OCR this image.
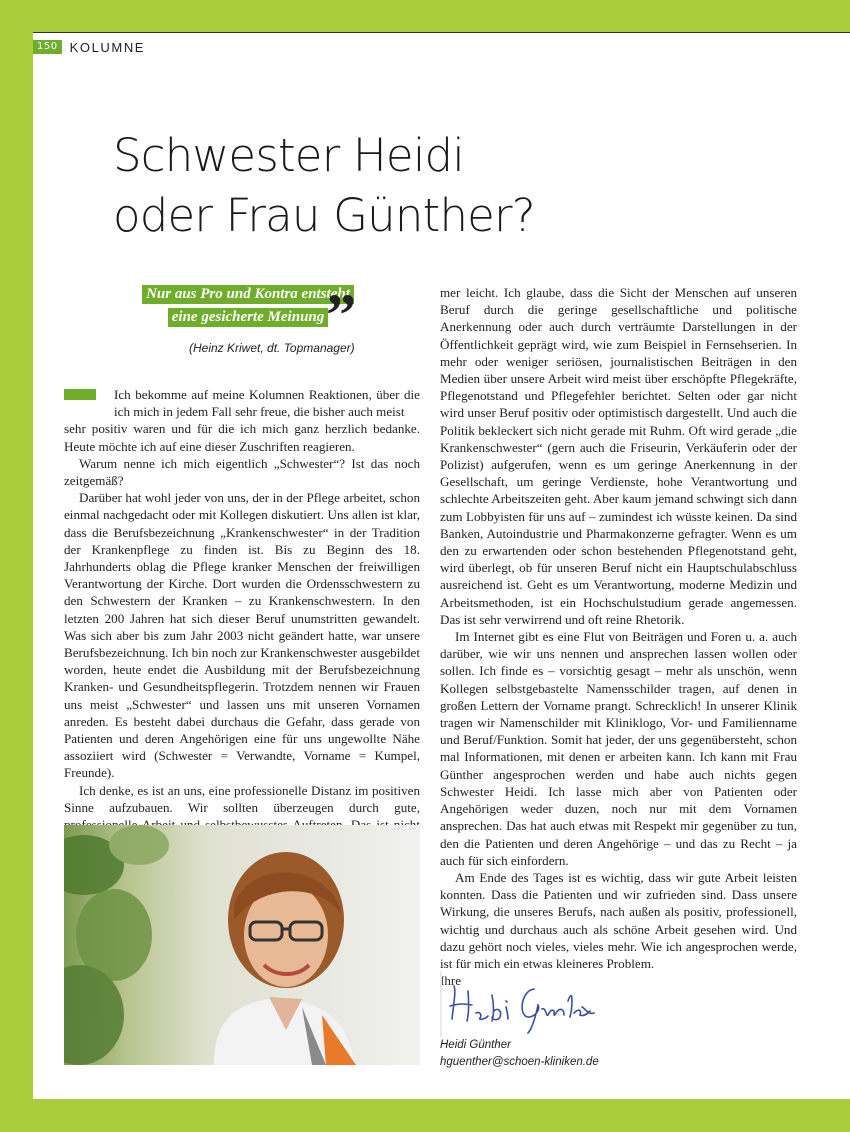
150 KOLUMNE
Schwester Heidi
oder Frau Günther?
Nur aus Pro und Kontra entsteht
eine gesicherte Meinung ”
(Heinz Kriwet, dt. Topmanager)

Ich bekomme auf meine Kolumnen Reaktionen, über die ich mich in jedem Fall sehr freue, die bisher auch meist
sehr positiv waren und für die ich mich ganz herzlich bedanke. Heute möchte ich auf eine dieser Zuschriften reagieren.

Warum nenne ich mich eigentlich „Schwester“? Ist das noch zeitgemäß?

Darüber hat wohl jeder von uns, der in der Pflege arbeitet, schon einmal nachgedacht oder mit Kollegen diskutiert. Uns allen ist klar, dass die Berufsbezeichnung „Krankenschwester“ in der Tradition der Krankenpflege zu finden ist. Bis zu Beginn des 18. Jahrhunderts oblag die Pflege kranker Menschen der freiwilligen Verantwortung der Kirche. Dort wurden die Ordensschwestern zu den Schwestern der Kranken – zu Krankenschwestern. In den letzten 200 Jahren hat sich dieser Beruf unumstritten gewandelt. Was sich aber bis zum Jahr 2003 nicht geändert hatte, war unsere Berufsbezeichnung. Ich bin noch zur Krankenschwester ausgebildet worden, heute endet die Ausbildung mit der Berufsbezeichnung Kranken- und Gesundheitspflegerin. Trotzdem nennen wir Frauen uns meist „Schwester“ und lassen uns mit unseren Vornamen anreden. Es besteht dabei durchaus die Gefahr, dass gerade von Patienten und deren Angehörigen eine für uns ungewollte Nähe assoziiert wird (Schwester = Verwandte, Vorname = Kumpel, Freunde).

Ich denke, es ist an uns, eine professionelle Distanz im positiven Sinne aufzubauen. Wir sollten überzeugen durch gute,

mer leicht. Ich glaube, dass die Sicht der Menschen auf unseren Beruf durch die geringe gesellschaftliche und politische Anerkennung oder auch durch verträumte Darstellungen in der Öffentlichkeit geprägt wird, wie zum Beispiel in Fernsehserien. In mehr oder weniger seriösen, journalistischen Beiträgen in den Medien über unsere Arbeit wird meist über erschöpfte Pflegekräfte, Pflegenotstand und Pflegefehler berichtet. Selten oder gar nicht wird unser Beruf positiv oder optimistisch dargestellt. Und auch die Politik bekleckert sich nicht gerade mit Ruhm. Oft wird gerade „die Krankenschwester“ (gern auch die Friseurin, Verkäuferin oder der Polizist) aufgerufen, wenn es um geringe Anerkennung in der Gesellschaft, um geringe Verdienste, hohe Verantwortung und schlechte Arbeitszeiten geht. Aber kaum jemand schwingt sich dann zum Lobbyisten für uns auf – zumindest ich wüsste keinen. Da sind Banken, Autoindustrie und Pharmakonzerne gefragter. Wenn es um den zu erwartenden oder schon bestehenden Pflegenotstand geht, wird überlegt, ob für unseren Beruf nicht ein Hauptschulabschluss ausreichend ist. Geht es um Verantwortung, moderne Medizin und Arbeitsmethoden, ist ein Hochschulstudium gerade angemessen. Das ist sehr verwirrend und oft reine Rhetorik.

Im Internet gibt es eine Flut von Beiträgen und Foren u. a. auch darüber, wie wir uns nennen und ansprechen lassen wollen oder sollen. Ich finde es – vorsichtig gesagt – mehr als unschön, wenn Kollegen selbstgebastelte Namensschilder tragen, auf denen in großen Lettern der Vorname prangt. Schrecklich! In unserer Klinik tragen wir Namenschilder mit Kliniklogo, Vor- und Familienname und Beruf/Funktion. Somit hat jeder, der uns gegenübersteht, schon mal Informationen, mit denen er arbeiten kann. Ich kann mit Frau Günther angesprochen werden und habe auch nichts gegen Schwester Heidi. Ich lasse mich aber von Patienten oder Angehörigen weder duzen, noch nur mit dem Vornamen ansprechen. Das hat auch etwas mit Respekt mir gegenüber zu tun, den die Patienten und deren Angehörige – und das zu Recht – ja auch für sich einfordern.

Am Ende des Tages ist es wichtig, dass wir gute Arbeit leisten konnten. Dass die Patienten und wir zufrieden sind. Dass unsere Wirkung, die unseres Berufs, nach außen als positiv, professionell, wichtig und durchaus auch als schöne Arbeit gesehen wird. Und dazu gehört noch vieles, vieles mehr. Wie ich angesprochen werde, ist für mich ein etwas kleineres Problem.

Ihre

Heidi Günther
hguenther@schoen-kliniken.de
